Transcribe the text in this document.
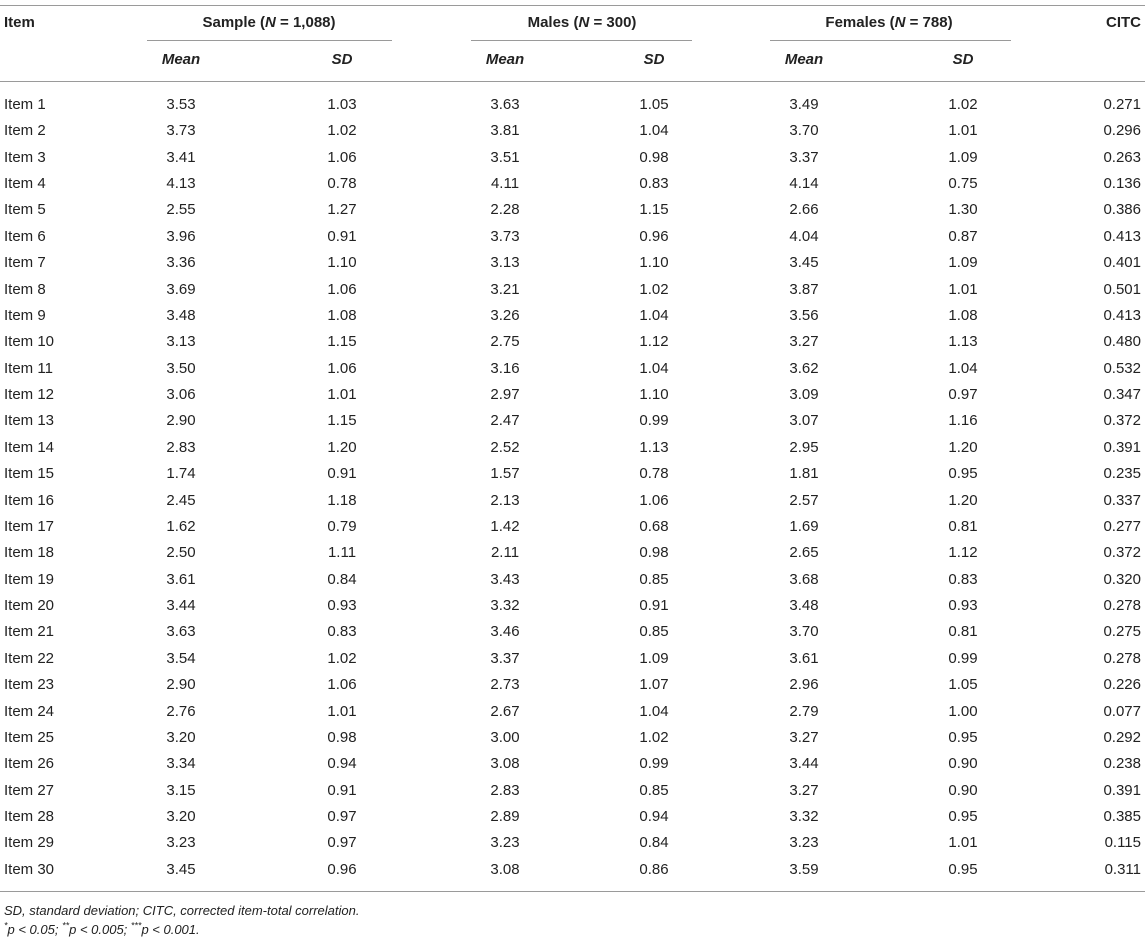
Item	Sample (N = 1,088)	Males (N = 300)	Females (N = 788)	CITC
Mean	SD	Mean	SD	Mean	SD
Item 1	3.53	1.03	3.63	1.05	3.49	1.02	0.271
Item 2	3.73	1.02	3.81	1.04	3.70	1.01	0.296
Item 3	3.41	1.06	3.51	0.98	3.37	1.09	0.263
Item 4	4.13	0.78	4.11	0.83	4.14	0.75	0.136
Item 5	2.55	1.27	2.28	1.15	2.66	1.30	0.386
Item 6	3.96	0.91	3.73	0.96	4.04	0.87	0.413
Item 7	3.36	1.10	3.13	1.10	3.45	1.09	0.401
Item 8	3.69	1.06	3.21	1.02	3.87	1.01	0.501
Item 9	3.48	1.08	3.26	1.04	3.56	1.08	0.413
Item 10	3.13	1.15	2.75	1.12	3.27	1.13	0.480
Item 11	3.50	1.06	3.16	1.04	3.62	1.04	0.532
Item 12	3.06	1.01	2.97	1.10	3.09	0.97	0.347
Item 13	2.90	1.15	2.47	0.99	3.07	1.16	0.372
Item 14	2.83	1.20	2.52	1.13	2.95	1.20	0.391
Item 15	1.74	0.91	1.57	0.78	1.81	0.95	0.235
Item 16	2.45	1.18	2.13	1.06	2.57	1.20	0.337
Item 17	1.62	0.79	1.42	0.68	1.69	0.81	0.277
Item 18	2.50	1.11	2.11	0.98	2.65	1.12	0.372
Item 19	3.61	0.84	3.43	0.85	3.68	0.83	0.320
Item 20	3.44	0.93	3.32	0.91	3.48	0.93	0.278
Item 21	3.63	0.83	3.46	0.85	3.70	0.81	0.275
Item 22	3.54	1.02	3.37	1.09	3.61	0.99	0.278
Item 23	2.90	1.06	2.73	1.07	2.96	1.05	0.226
Item 24	2.76	1.01	2.67	1.04	2.79	1.00	0.077
Item 25	3.20	0.98	3.00	1.02	3.27	0.95	0.292
Item 26	3.34	0.94	3.08	0.99	3.44	0.90	0.238
Item 27	3.15	0.91	2.83	0.85	3.27	0.90	0.391
Item 28	3.20	0.97	2.89	0.94	3.32	0.95	0.385
Item 29	3.23	0.97	3.23	0.84	3.23	1.01	0.115
Item 30	3.45	0.96	3.08	0.86	3.59	0.95	0.311
SD, standard deviation; CITC, corrected item-total correlation.
*p < 0.05; **p < 0.005; ***p < 0.001.
